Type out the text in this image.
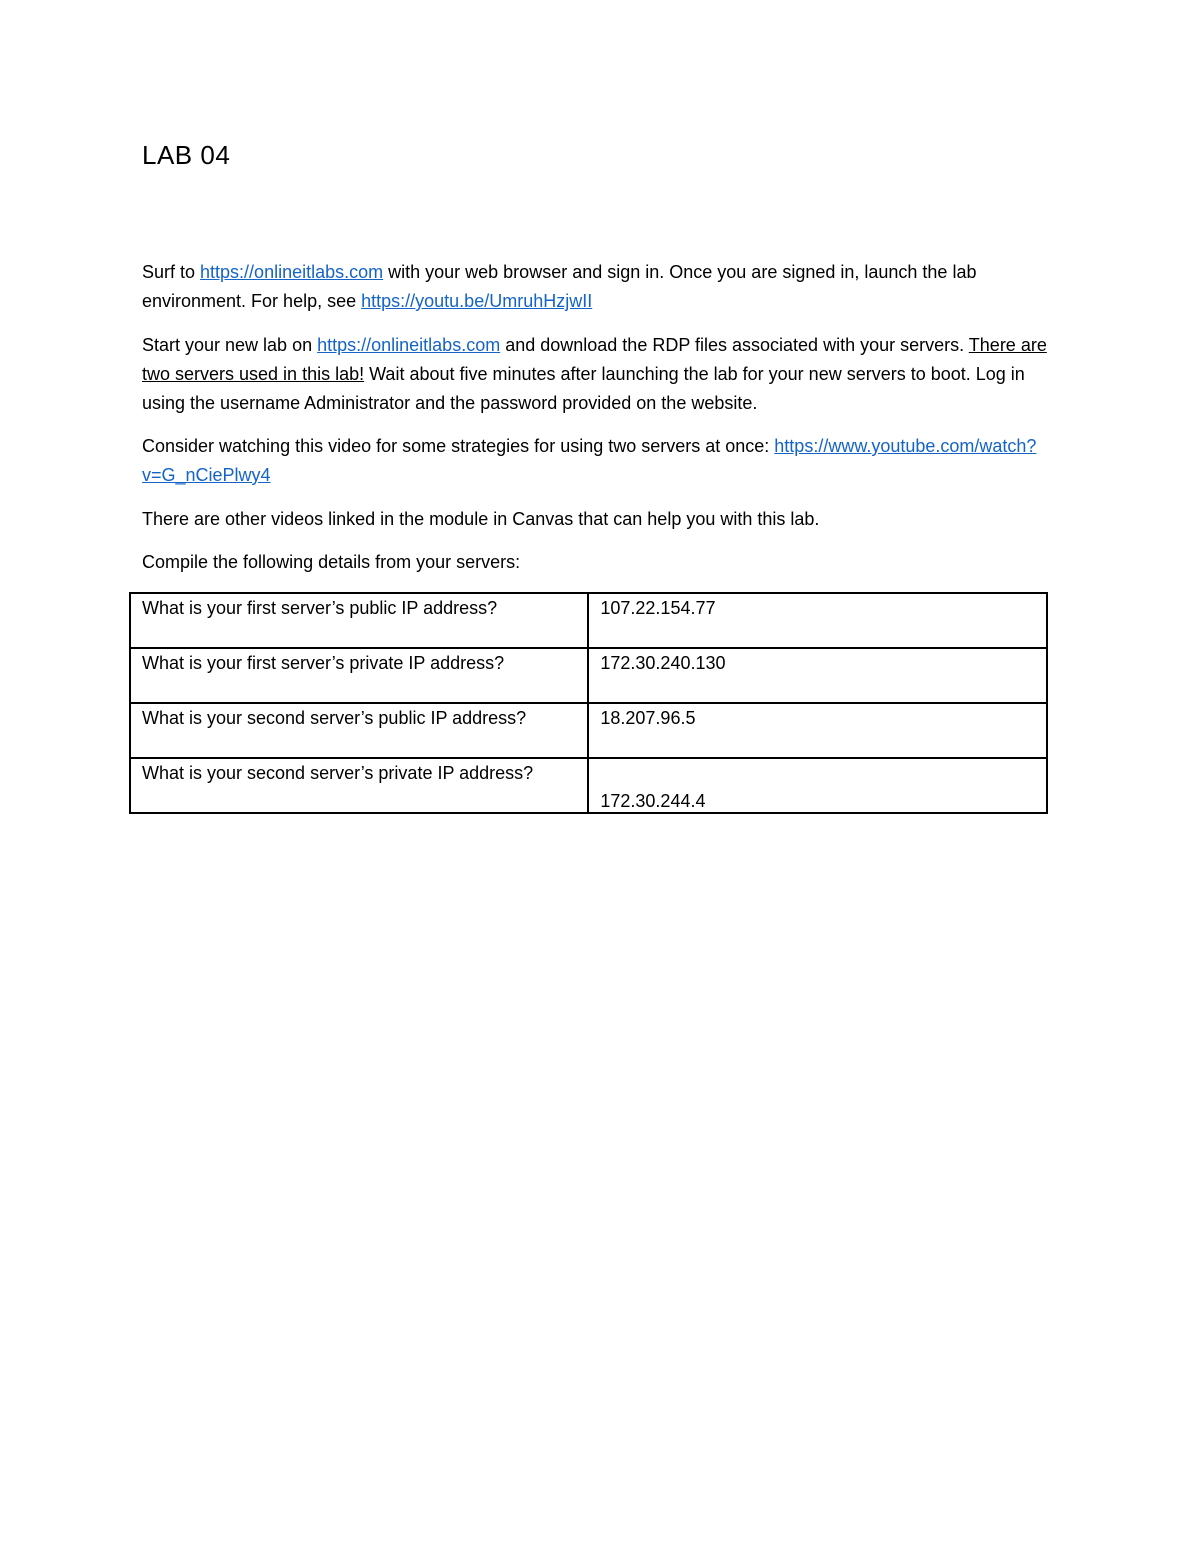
LAB 04

Surf to https://onlineitlabs.com with your web browser and sign in. Once you are signed in, launch the lab environment. For help, see https://youtu.be/UmruhHzjwII

Start your new lab on https://onlineitlabs.com and download the RDP files associated with your servers. There are two servers used in this lab! Wait about five minutes after launching the lab for your new servers to boot. Log in using the username Administrator and the password provided on the website.

Consider watching this video for some strategies for using two servers at once: https://www.youtube.com/watch?v=G_nCiePlwy4

There are other videos linked in the module in Canvas that can help you with this lab.

Compile the following details from your servers:

What is your first server’s public IP address?	107.22.154.77
What is your first server’s private IP address?	172.30.240.130
What is your second server’s public IP address?	18.207.96.5
What is your second server’s private IP address?	172.30.244.4
